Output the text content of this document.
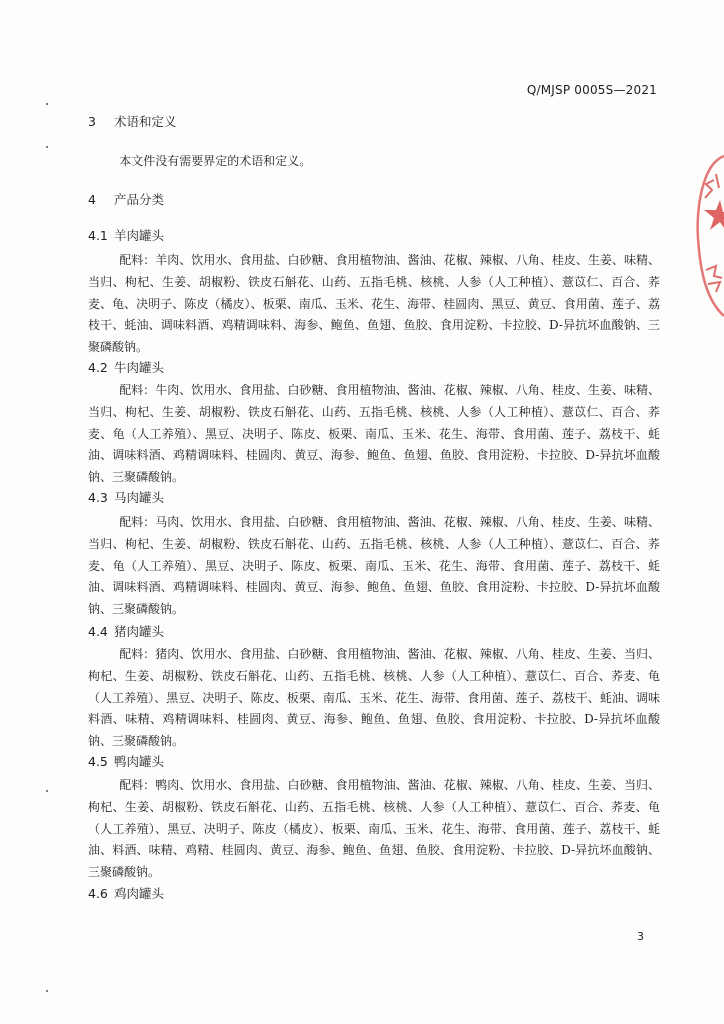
Q/MJSP 0005S—2021
3 术语和定义
本文件没有需要界定的术语和定义。
4 产品分类
4.1 羊肉罐头

配料：羊肉、饮用水、食用盐、白砂糖、食用植物油、酱油、花椒、辣椒、八角、桂皮、生姜、味精、当归、枸杞、生姜、胡椒粉、铁皮石斛花、山药、五指毛桃、核桃、人参（人工种植）、薏苡仁、百合、荞麦、龟、决明子、陈皮（橘皮）、板栗、南瓜、玉米、花生、海带、桂圆肉、黑豆、黄豆、食用菌、莲子、荔枝干、蚝油、调味料酒、鸡精调味料、海参、鲍鱼、鱼翅、鱼胶、食用淀粉、卡拉胶、D-异抗坏血酸钠、三聚磷酸钠。

4.2 牛肉罐头

配料：牛肉、饮用水、食用盐、白砂糖、食用植物油、酱油、花椒、辣椒、八角、桂皮、生姜、味精、当归、枸杞、生姜、胡椒粉、铁皮石斛花、山药、五指毛桃、核桃、人参（人工种植）、薏苡仁、百合、荞麦、龟（人工养殖）、黑豆、决明子、陈皮、板栗、南瓜、玉米、花生、海带、食用菌、莲子、荔枝干、蚝油、调味料酒、鸡精调味料、桂圆肉、黄豆、海参、鲍鱼、鱼翅、鱼胶、食用淀粉、卡拉胶、D-异抗坏血酸钠、三聚磷酸钠。

4.3 马肉罐头

配料：马肉、饮用水、食用盐、白砂糖、食用植物油、酱油、花椒、辣椒、八角、桂皮、生姜、味精、当归、枸杞、生姜、胡椒粉、铁皮石斛花、山药、五指毛桃、核桃、人参（人工种植）、薏苡仁、百合、荞麦、龟（人工养殖）、黑豆、决明子、陈皮、板栗、南瓜、玉米、花生、海带、食用菌、莲子、荔枝干、蚝油、调味料酒、鸡精调味料、桂圆肉、黄豆、海参、鲍鱼、鱼翅、鱼胶、食用淀粉、卡拉胶、D-异抗坏血酸钠、三聚磷酸钠。

4.4 猪肉罐头

配料：猪肉、饮用水、食用盐、白砂糖、食用植物油、酱油、花椒、辣椒、八角、桂皮、生姜、当归、枸杞、生姜、胡椒粉、铁皮石斛花、山药、五指毛桃、核桃、人参（人工种植）、薏苡仁、百合、荞麦、龟（人工养殖）、黑豆、决明子、陈皮、板栗、南瓜、玉米、花生、海带、食用菌、莲子、荔枝干、蚝油、调味料酒、味精、鸡精调味料、桂圆肉、黄豆、海参、鲍鱼、鱼翅、鱼胶、食用淀粉、卡拉胶、D-异抗坏血酸钠、三聚磷酸钠。

4.5 鸭肉罐头

配料：鸭肉、饮用水、食用盐、白砂糖、食用植物油、酱油、花椒、辣椒、八角、桂皮、生姜、当归、枸杞、生姜、胡椒粉、铁皮石斛花、山药、五指毛桃、核桃、人参（人工种植）、薏苡仁、百合、荞麦、龟（人工养殖）、黑豆、决明子、陈皮（橘皮）、板栗、南瓜、玉米、花生、海带、食用菌、莲子、荔枝干、蚝油、料酒、味精、鸡精、桂圆肉、黄豆、海参、鲍鱼、鱼翅、鱼胶、食用淀粉、卡拉胶、D-异抗坏血酸钠、三聚磷酸钠。

4.6 鸡肉罐头
3
